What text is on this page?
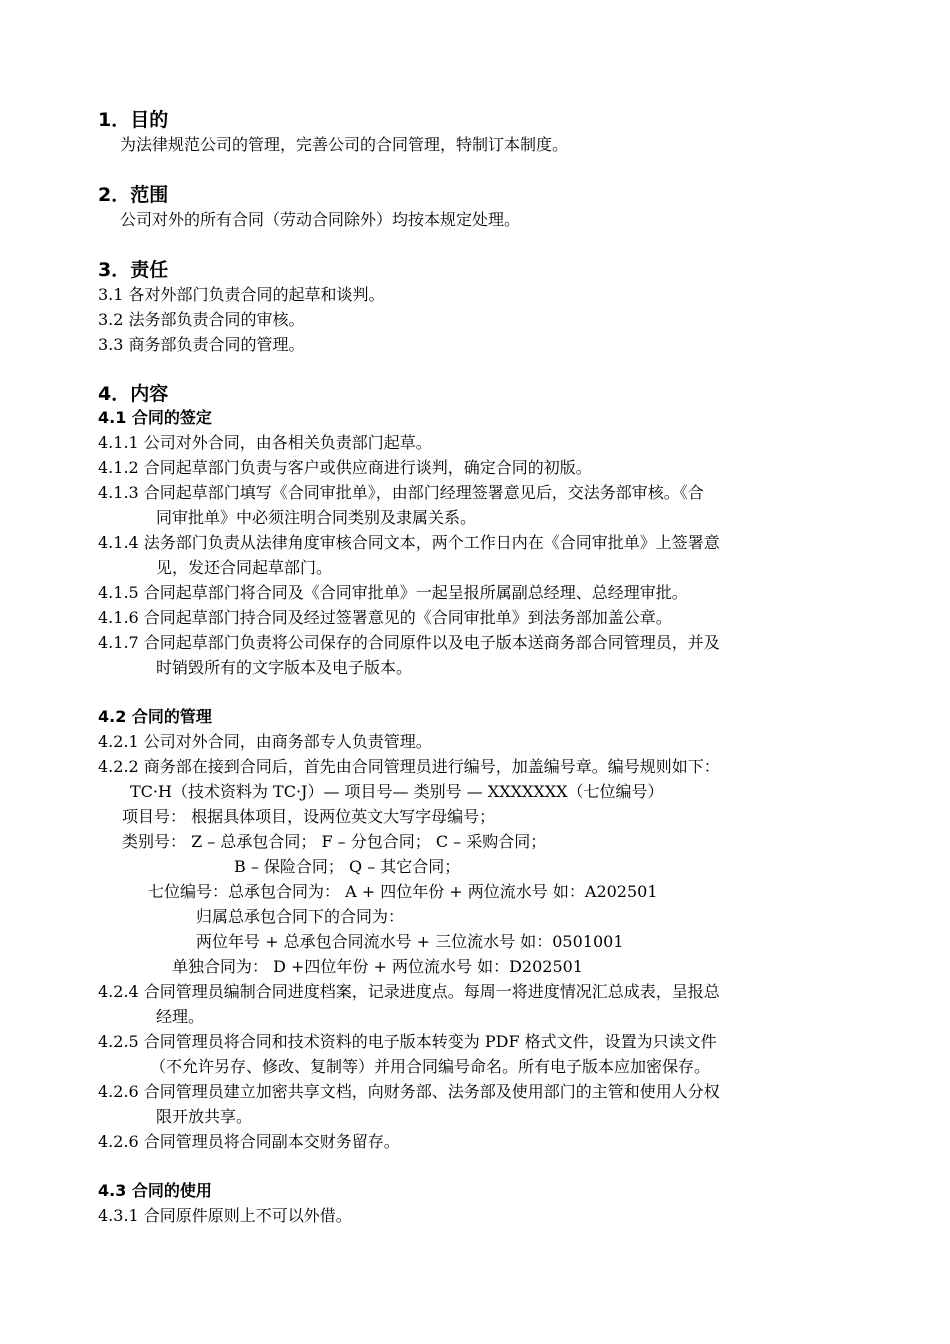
1．目的
为法律规范公司的管理，完善公司的合同管理，特制订本制度。
2．范围
公司对外的所有合同（劳动合同除外）均按本规定处理。
3．责任
3.1 各对外部门负责合同的起草和谈判。
3.2 法务部负责合同的审核。
3.3 商务部负责合同的管理。
4．内容
4.1 合同的签定
4.1.1 公司对外合同，由各相关负责部门起草。
4.1.2 合同起草部门负责与客户或供应商进行谈判，确定合同的初版。
4.1.3 合同起草部门填写《合同审批单》，由部门经理签署意见后，交法务部审核。《合
同审批单》中必须注明合同类别及隶属关系。
4.1.4 法务部门负责从法律角度审核合同文本，两个工作日内在《合同审批单》上签署意
见，发还合同起草部门。
4.1.5 合同起草部门将合同及《合同审批单》一起呈报所属副总经理、总经理审批。
4.1.6 合同起草部门持合同及经过签署意见的《合同审批单》到法务部加盖公章。
4.1.7 合同起草部门负责将公司保存的合同原件以及电子版本送商务部合同管理员，并及
时销毁所有的文字版本及电子版本。
4.2 合同的管理
4.2.1 公司对外合同，由商务部专人负责管理。
4.2.2 商务部在接到合同后，首先由合同管理员进行编号，加盖编号章。编号规则如下：
TC·H（技术资料为 TC·J）— 项目号— 类别号 — XXXXXXX（七位编号）
项目号： 根据具体项目，设两位英文大写字母编号；
类别号： Z – 总承包合同； F – 分包合同； C – 采购合同；
B – 保险合同； Q – 其它合同；
七位编号：总承包合同为： A + 四位年份 + 两位流水号 如：A202501
归属总承包合同下的合同为：
两位年号 + 总承包合同流水号 + 三位流水号 如：0501001
单独合同为： D +四位年份 + 两位流水号 如：D202501
4.2.4 合同管理员编制合同进度档案，记录进度点。每周一将进度情况汇总成表，呈报总
经理。
4.2.5 合同管理员将合同和技术资料的电子版本转变为 PDF 格式文件，设置为只读文件
（不允许另存、修改、复制等）并用合同编号命名。所有电子版本应加密保存。
4.2.6 合同管理员建立加密共享文档，向财务部、法务部及使用部门的主管和使用人分权
限开放共享。
4.2.6 合同管理员将合同副本交财务留存。
4.3 合同的使用
4.3.1 合同原件原则上不可以外借。
